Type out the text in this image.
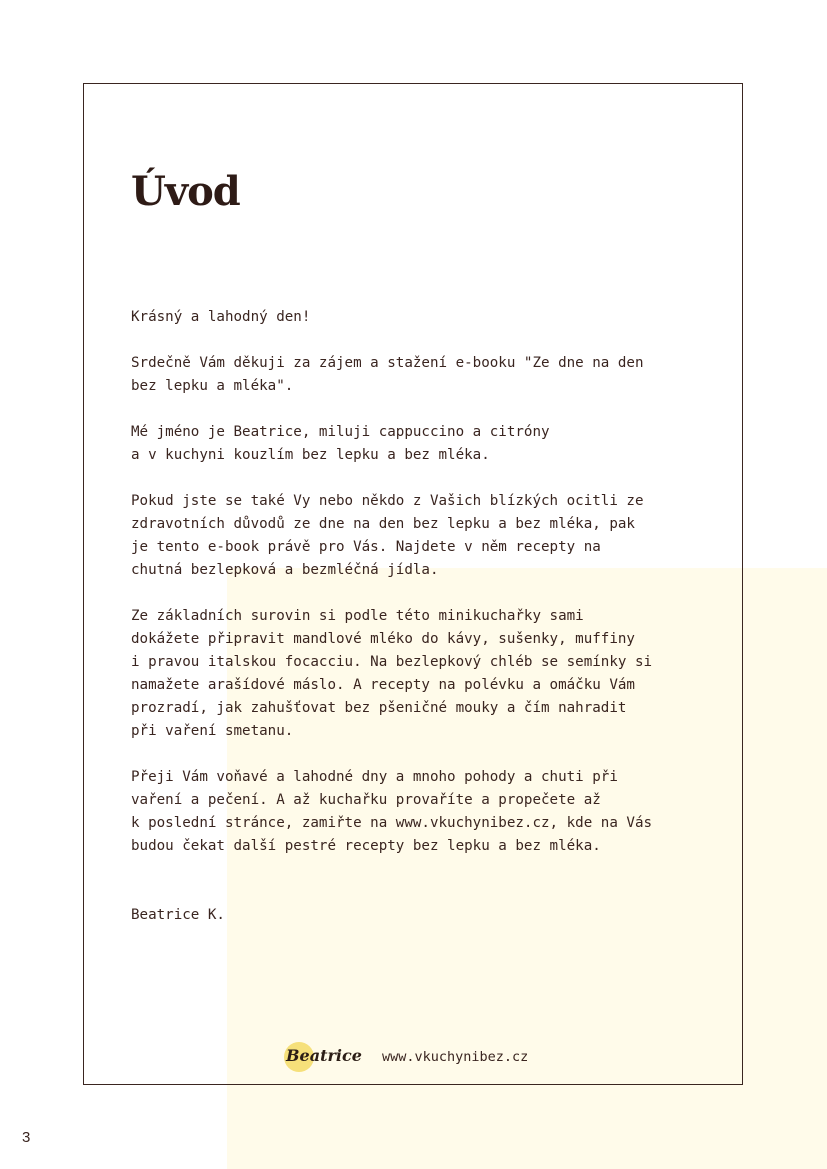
Úvod

Krásný a lahodný den!

Srdečně Vám děkuji za zájem a stažení e-booku "Ze dne na den
bez lepku a mléka".

Mé jméno je Beatrice, miluji cappuccino a citróny
a v kuchyni kouzlím bez lepku a bez mléka.

Pokud jste se také Vy nebo někdo z Vašich blízkých ocitli ze
zdravotních důvodů ze dne na den bez lepku a bez mléka, pak
je tento e-book právě pro Vás. Najdete v něm recepty na
chutná bezlepková a bezmléčná jídla.

Ze základních surovin si podle této minikuchařky sami
dokážete připravit mandlové mléko do kávy, sušenky, muffiny
i pravou italskou focacciu. Na bezlepkový chléb se semínky si
namažete arašídové máslo. A recepty na polévku a omáčku Vám
prozradí, jak zahušťovat bez pšeničné mouky a čím nahradit
při vaření smetanu.

Přeji Vám voňavé a lahodné dny a mnoho pohody a chuti při
vaření a pečení. A až kuchařku provaříte a propečete až
k poslední stránce, zamiřte na www.vkuchynibez.cz, kde na Vás
budou čekat další pestré recepty bez lepku a bez mléka.

Beatrice K.

Beatrice www.vkuchynibez.cz
3
